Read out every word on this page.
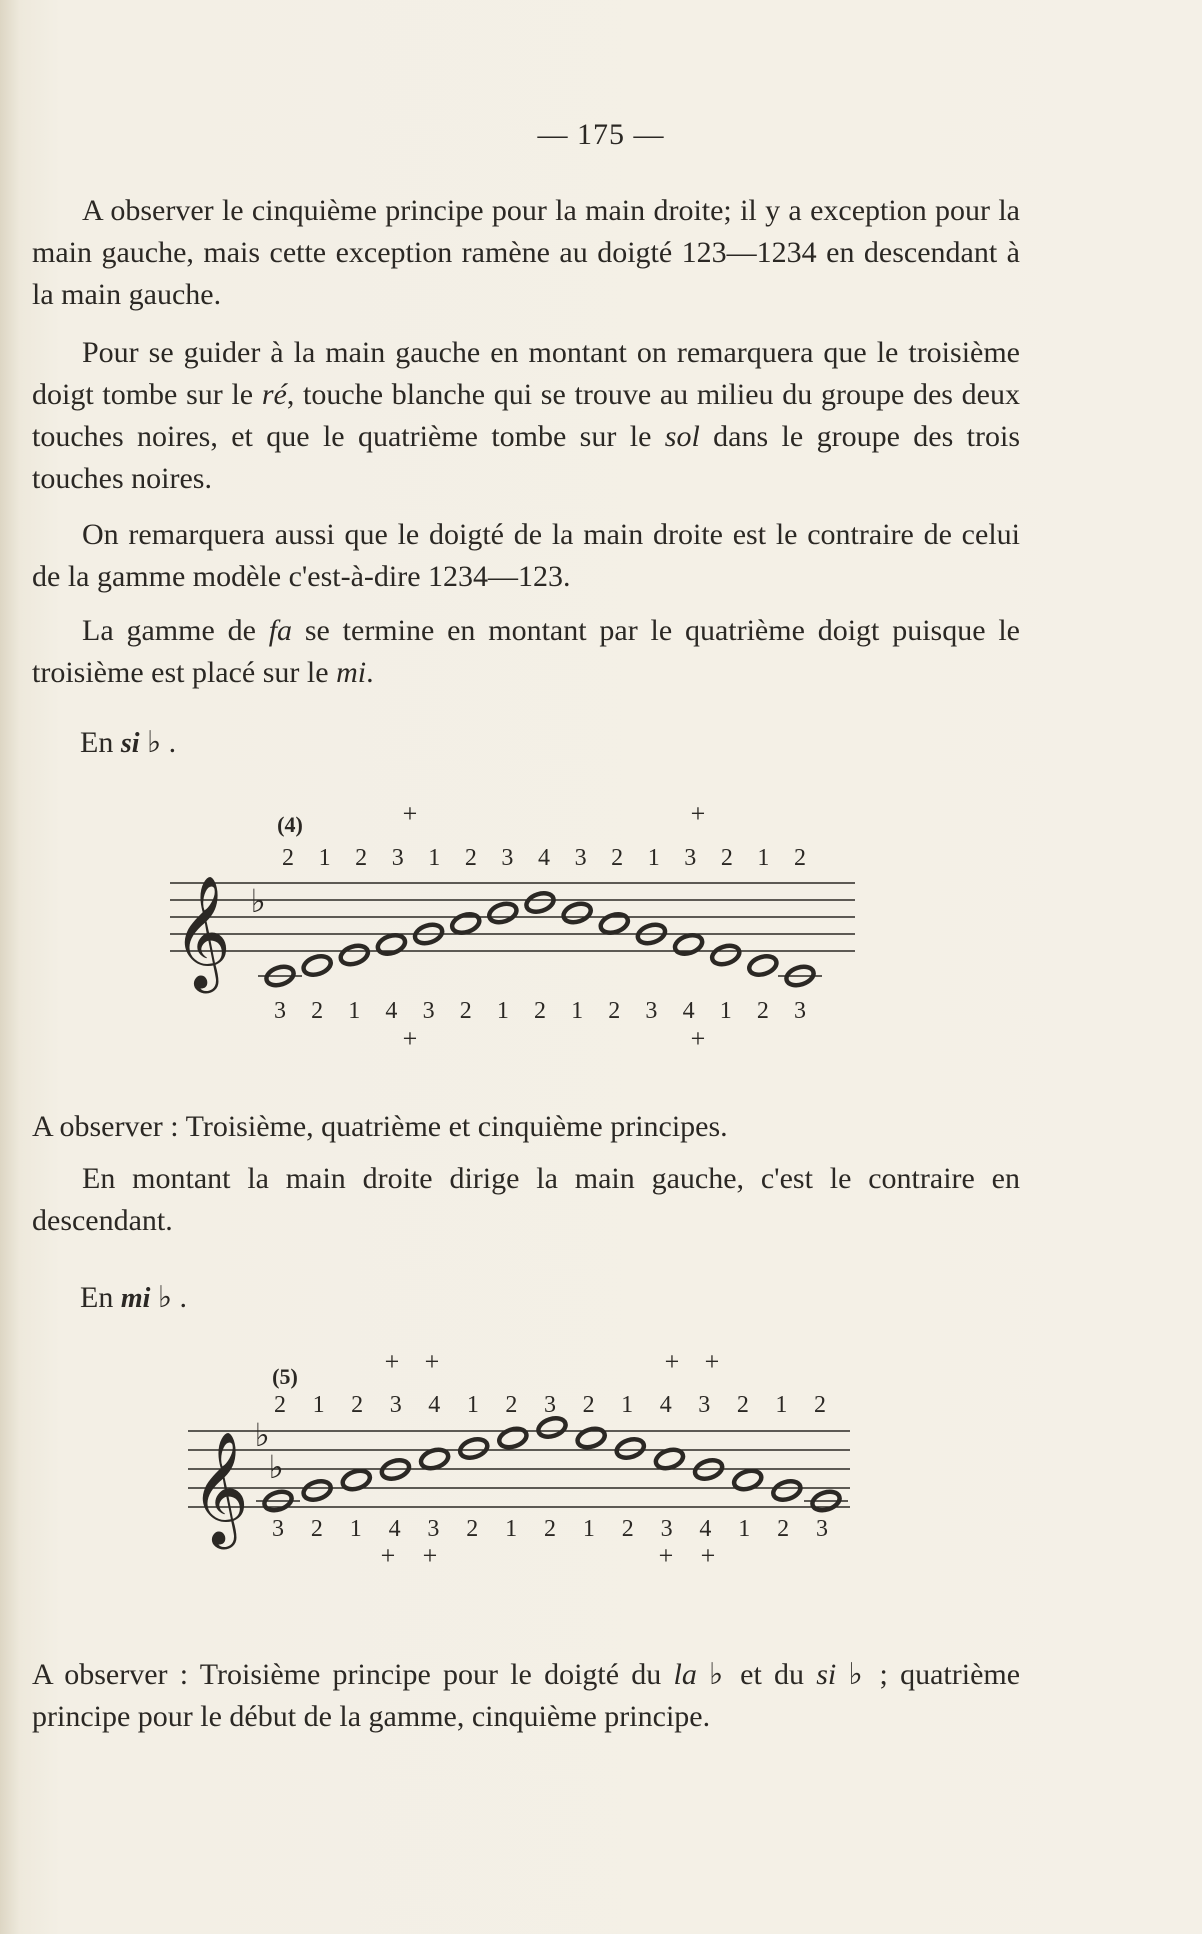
— 175 —

A observer le cinquième principe pour la main droite; il y a exception pour la main gauche, mais cette exception ramène au doigté 123—1234 en descendant à la main gauche.

Pour se guider à la main gauche en montant on remarquera que le troisième doigt tombe sur le ré, touche blanche qui se trouve au milieu du groupe des deux touches noires, et que le quatrième tombe sur le sol dans le groupe des trois touches noires.

On remarquera aussi que le doigté de la main droite est le contraire de celui de la gamme modèle c'est-à-dire 1234—123.

La gamme de fa se termine en montant par le quatrième doigt puisque le troisième est placé sur le mi.

En si ♭ .
𝄞 ♭
(4)
2 1 2 3 1 2 3 4 3 2 1 3 2 1 2
3 2 1 4 3 2 1 2 1 2 3 4 1 2 3
+	+
+	+

A observer : Troisième, quatrième et cinquième principes.

En montant la main droite dirige la main gauche, c'est le contraire en descendant.

En mi ♭ .
𝄞 ♭
♭
(5)
2 1 2 3 4 1 2 3 2 1 4 3 2 1 2
3 2 1 4 3 2 1 2 1 2 3 4 1 2 3
+ +	+ +
+ +	+ +

A observer : Troisième principe pour le doigté du la ♭ et du si ♭ ; quatrième principe pour le début de la gamme, cinquième principe.
